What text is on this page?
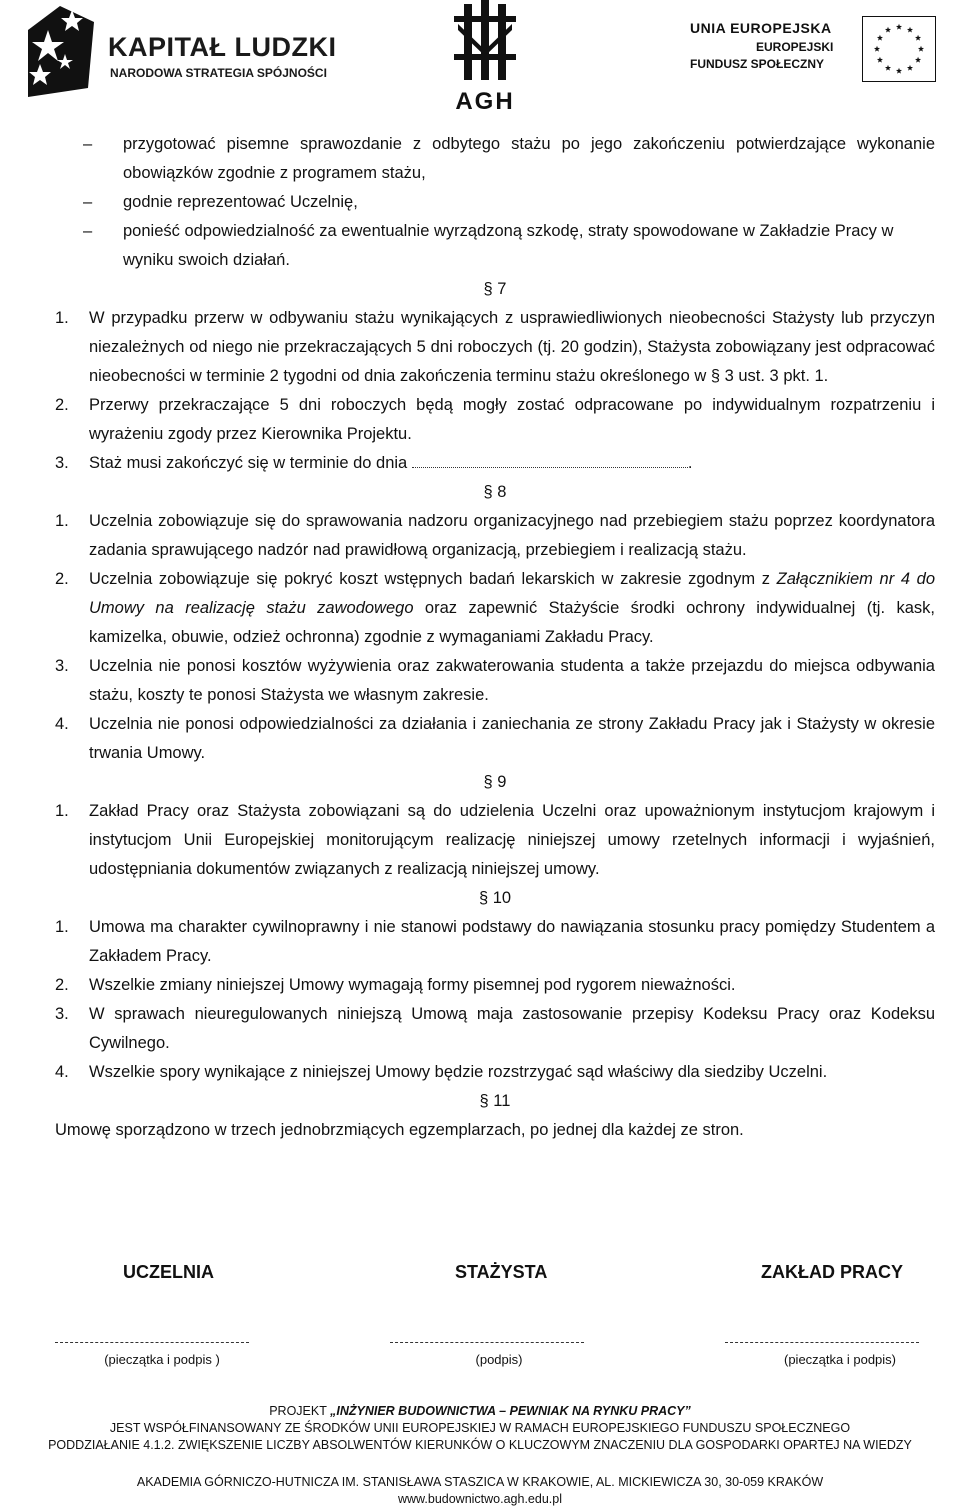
KAPITAŁ LUDZKI
NARODOWA STRATEGIA SPÓJNOŚCI
AGH
UNIA EUROPEJSKA
EUROPEJSKI
FUNDUSZ SPOŁECZNY
– przygotować pisemne sprawozdanie z odbytego stażu po jego zakończeniu potwierdzające wykonanie obowiązków zgodnie z programem stażu,
– godnie reprezentować Uczelnię,
– ponieść odpowiedzialność za ewentualnie wyrządzoną szkodę, straty spowodowane w Zakładzie Pracy w wyniku swoich działań.
§ 7
1. W przypadku przerw w odbywaniu stażu wynikających z usprawiedliwionych nieobecności Stażysty lub przyczyn niezależnych od niego nie przekraczających 5 dni roboczych (tj. 20 godzin), Stażysta zobowiązany jest odpracować nieobecności w terminie 2 tygodni od dnia zakończenia terminu stażu określonego w § 3 ust. 3 pkt. 1.
2. Przerwy przekraczające 5 dni roboczych będą mogły zostać odpracowane po indywidualnym rozpatrzeniu i wyrażeniu zgody przez Kierownika Projektu.
3. Staż musi zakończyć się w terminie do dnia	.
§ 8
1. Uczelnia zobowiązuje się do sprawowania nadzoru organizacyjnego nad przebiegiem stażu poprzez koordynatora zadania sprawującego nadzór nad prawidłową organizacją, przebiegiem i realizacją stażu.
2. Uczelnia zobowiązuje się pokryć koszt wstępnych badań lekarskich w zakresie zgodnym z Załącznikiem nr 4 do Umowy na realizację stażu zawodowego oraz zapewnić Stażyście środki ochrony indywidualnej (tj. kask, kamizelka, obuwie, odzież ochronna) zgodnie z wymaganiami Zakładu Pracy.
3. Uczelnia nie ponosi kosztów wyżywienia oraz zakwaterowania studenta a także przejazdu do miejsca odbywania stażu, koszty te ponosi Stażysta we własnym zakresie.
4. Uczelnia nie ponosi odpowiedzialności za działania i zaniechania ze strony Zakładu Pracy jak i Stażysty w okresie trwania Umowy.
§ 9
1. Zakład Pracy oraz Stażysta zobowiązani są do udzielenia Uczelni oraz upoważnionym instytucjom krajowym i instytucjom Unii Europejskiej monitorującym realizację niniejszej umowy rzetelnych informacji i wyjaśnień, udostępniania dokumentów związanych z realizacją niniejszej umowy.
§ 10
1. Umowa ma charakter cywilnoprawny i nie stanowi podstawy do nawiązania stosunku pracy pomiędzy Studentem a Zakładem Pracy.
2. Wszelkie zmiany niniejszej Umowy wymagają formy pisemnej pod rygorem nieważności.
3. W sprawach nieuregulowanych niniejszą Umową maja zastosowanie przepisy Kodeksu Pracy oraz Kodeksu Cywilnego.
4. Wszelkie spory wynikające z niniejszej Umowy będzie rozstrzygać sąd właściwy dla siedziby Uczelni.
§ 11
Umowę sporządzono w trzech jednobrzmiących egzemplarzach, po jednej dla każdej ze stron.
UCZELNIA	STAŻYSTA	ZAKŁAD PRACY
(pieczątka i podpis )	(podpis)	(pieczątka i podpis)
PROJEKT „INŻYNIER BUDOWNICTWA – PEWNIAK NA RYNKU PRACY”
JEST WSPÓŁFINANSOWANY ZE ŚRODKÓW UNII EUROPEJSKIEJ W RAMACH EUROPEJSKIEGO FUNDUSZU SPOŁECZNEGO
PODDZIAŁANIE 4.1.2. ZWIĘKSZENIE LICZBY ABSOLWENTÓW KIERUNKÓW O KLUCZOWYM ZNACZENIU DLA GOSPODARKI OPARTEJ NA WIEDZY
AKADEMIA GÓRNICZO-HUTNICZA IM. STANISŁAWA STASZICA W KRAKOWIE, AL. MICKIEWICZA 30, 30-059 KRAKÓW
www.budownictwo.agh.edu.pl
